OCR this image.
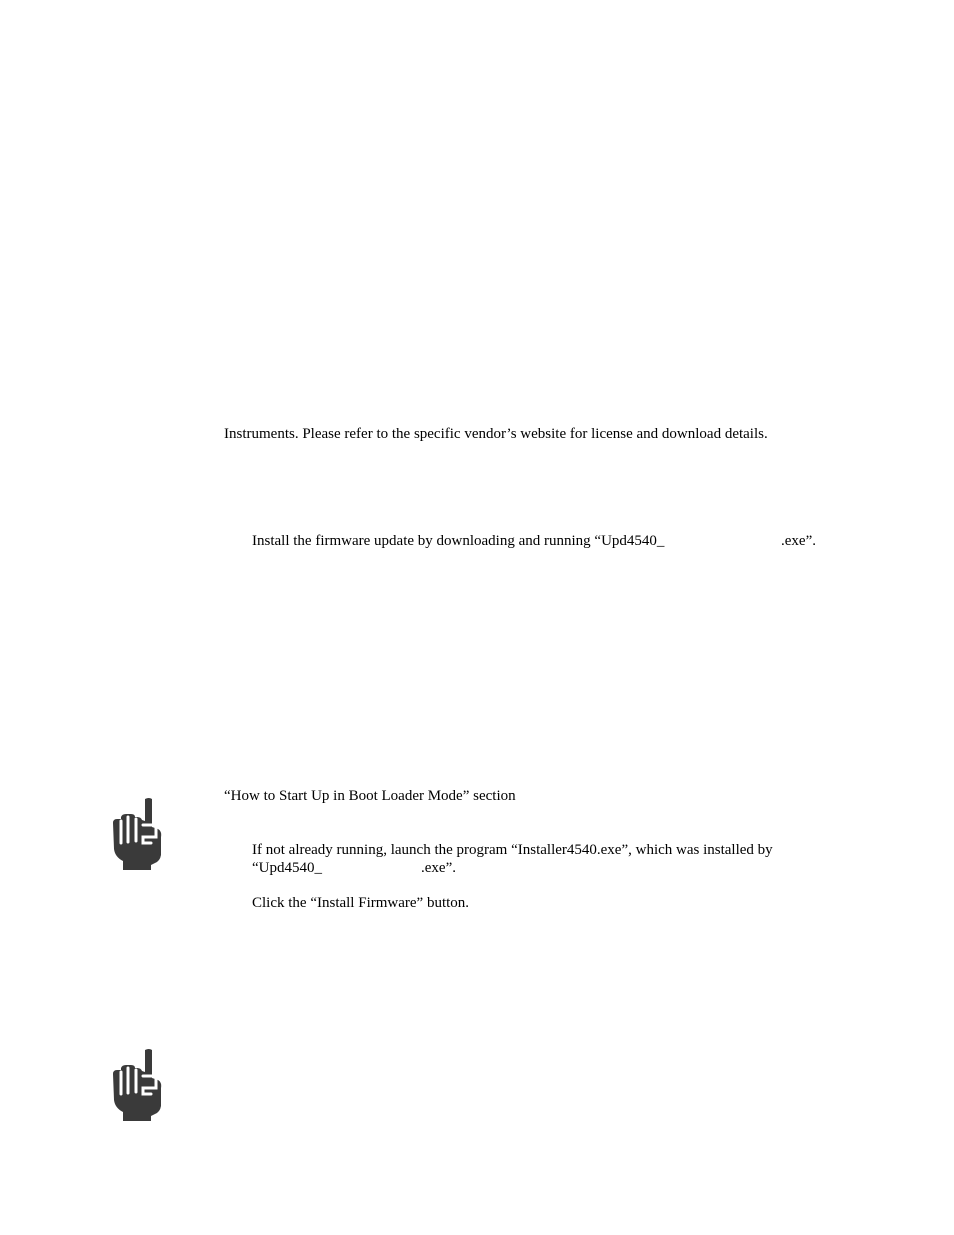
Instruments. Please refer to the specific vendor’s website for license and download details.
Install the firmware update by downloading and running “Upd4540_	.exe”.
“How to Start Up in Boot Loader Mode” section
If not already running, launch the program “Installer4540.exe”, which was installed by
“Upd4540_	.exe”.
Click the “Install Firmware” button.
